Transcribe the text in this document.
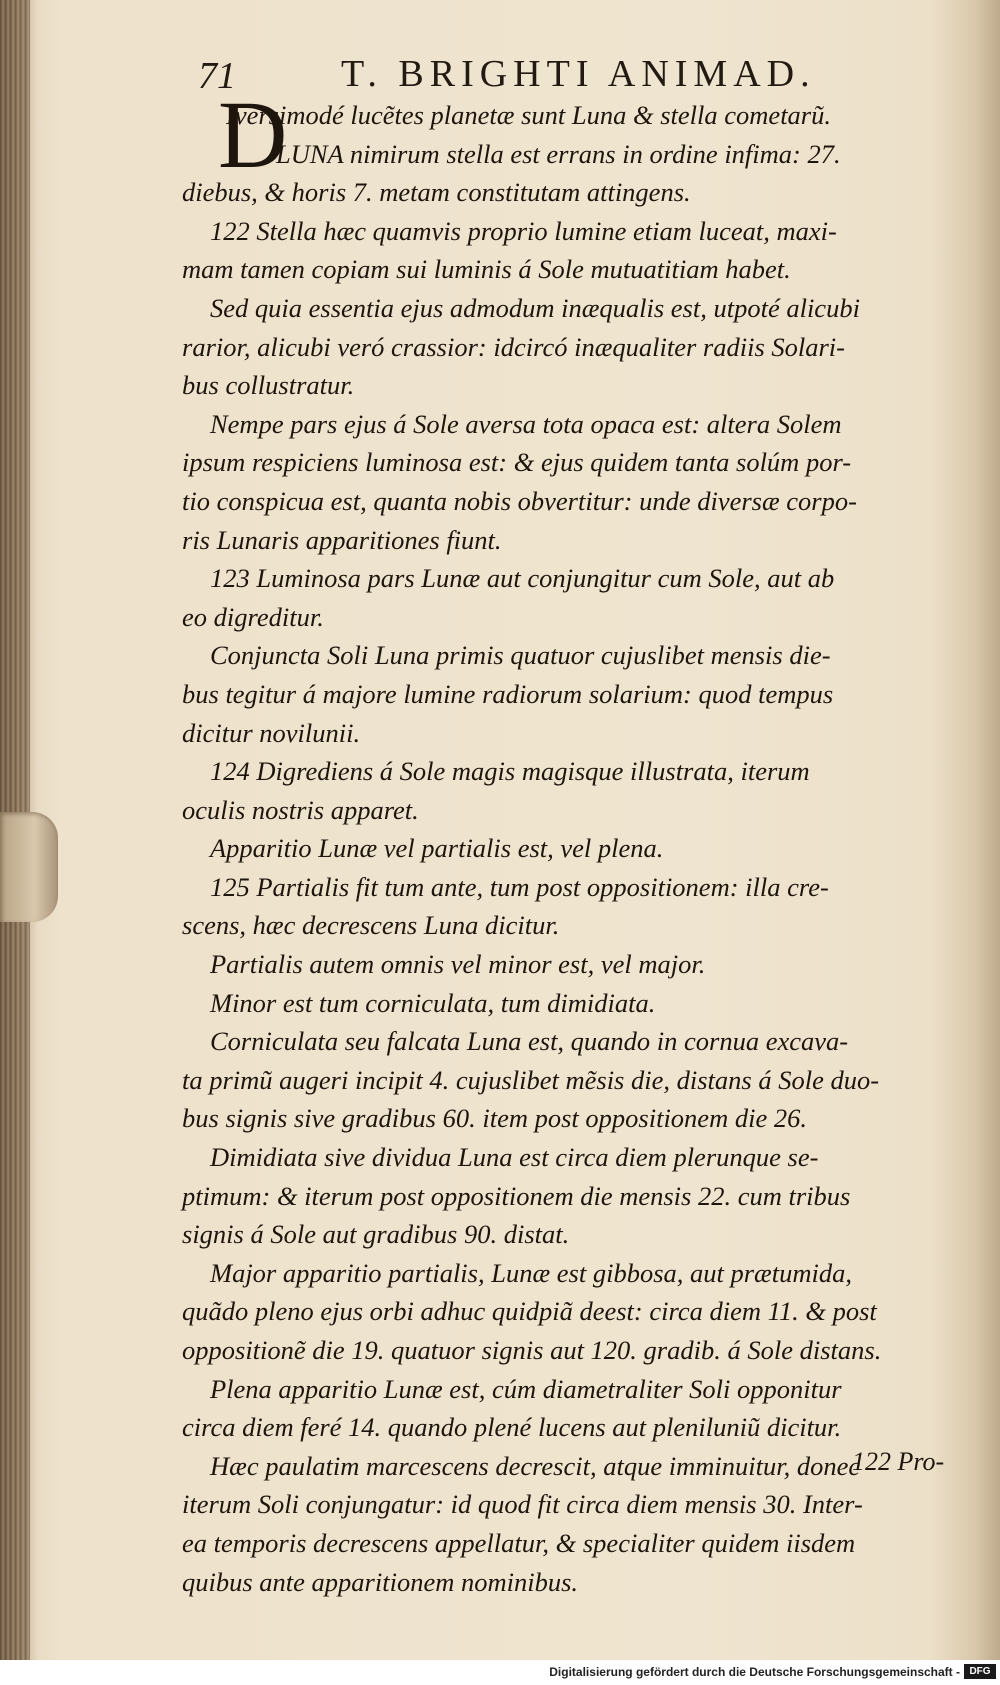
71	T. BRIGHTI ANIMAD.
D
Iversimodé lucẽtes planetæ sunt Luna & stella cometarũ.
LUNA nimirum stella est errans in ordine infima: 27.
diebus, & horis 7. metam constitutam attingens.
122 Stella hæc quamvis proprio lumine etiam luceat, maxi-
mam tamen copiam sui luminis á Sole mutuatitiam habet.
Sed quia essentia ejus admodum inæqualis est, utpoté alicubi
rarior, alicubi veró crassior: idcircó inæqualiter radiis Solari-
bus collustratur.
Nempe pars ejus á Sole aversa tota opaca est: altera Solem
ipsum respiciens luminosa est: & ejus quidem tanta solúm por-
tio conspicua est, quanta nobis obvertitur: unde diversæ corpo-
ris Lunaris apparitiones fiunt.
123 Luminosa pars Lunæ aut conjungitur cum Sole, aut ab
eo digreditur.
Conjuncta Soli Luna primis quatuor cujuslibet mensis die-
bus tegitur á majore lumine radiorum solarium: quod tempus
dicitur novilunii.
124 Digrediens á Sole magis magisque illustrata, iterum
oculis nostris apparet.
Apparitio Lunæ vel partialis est, vel plena.
125 Partialis fit tum ante, tum post oppositionem: illa cre-
scens, hæc decrescens Luna dicitur.
Partialis autem omnis vel minor est, vel major.
Minor est tum corniculata, tum dimidiata.
Corniculata seu falcata Luna est, quando in cornua excava-
ta primũ augeri incipit 4. cujuslibet mẽsis die, distans á Sole duo-
bus signis sive gradibus 60. item post oppositionem die 26.
Dimidiata sive dividua Luna est circa diem plerunque se-
ptimum: & iterum post oppositionem die mensis 22. cum tribus
signis á Sole aut gradibus 90. distat.
Major apparitio partialis, Lunæ est gibbosa, aut prætumida,
quãdo pleno ejus orbi adhuc quidpiã deest: circa diem 11. & post
oppositionẽ die 19. quatuor signis aut 120. gradib. á Sole distans.
Plena apparitio Lunæ est, cúm diametraliter Soli opponitur
circa diem feré 14. quando plené lucens aut pleniluniũ dicitur.
Hæc paulatim marcescens decrescit, atque imminuitur, donec
iterum Soli conjungatur: id quod fit circa diem mensis 30. Inter-
ea temporis decrescens appellatur, & specialiter quidem iisdem
quibus ante apparitionem nominibus.
122 Pro-
Digitalisierung gefördert durch die Deutsche Forschungsgemeinschaft - DFG
